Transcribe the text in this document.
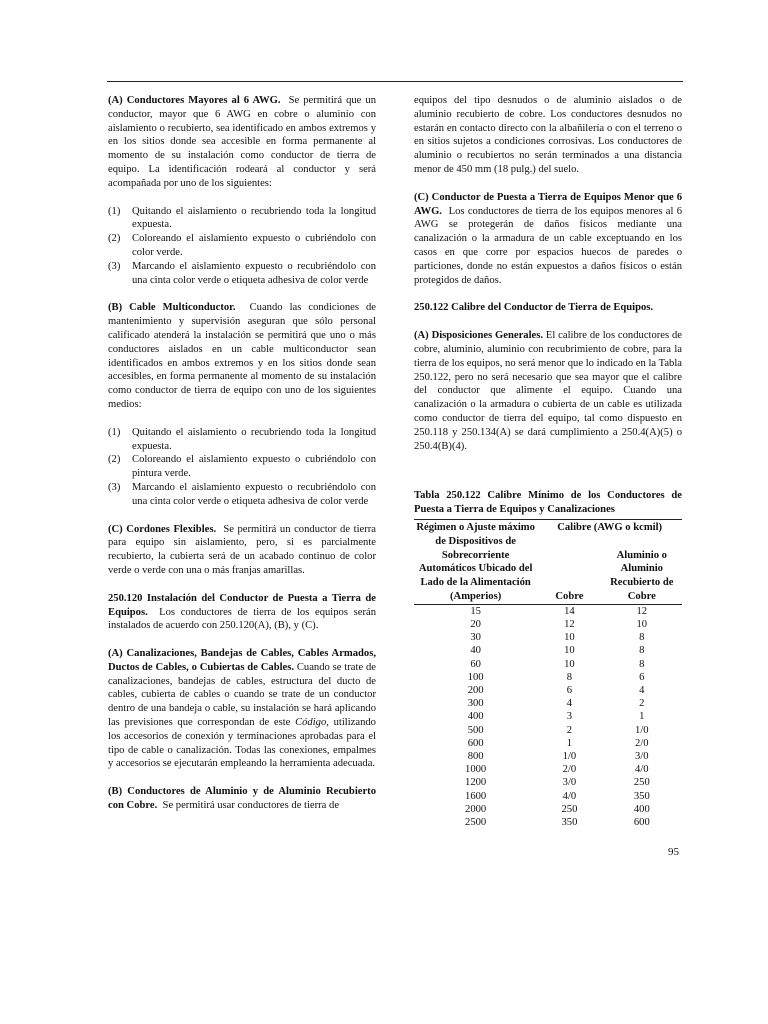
(A) Conductores Mayores al 6 AWG. Se permitirá que un conductor, mayor que 6 AWG en cobre o aluminio con aislamiento o recubierto, sea identificado en ambos extremos y en los sitios donde sea accesible en forma permanente al momento de su instalación como conductor de tierra de equipo. La identificación rodeará al conductor y será acompañada por uno de los siguientes:

(1)	Quitando el aislamiento o recubriendo toda la longitud expuesta.
(2)	Coloreando el aislamiento expuesto o cubriéndolo con color verde.
(3)	Marcando el aislamiento expuesto o recubriéndolo con una cinta color verde o etiqueta adhesiva de color verde

(B) Cable Multiconductor. Cuando las condiciones de mantenimiento y supervisión aseguran que sólo personal calificado atenderá la instalación se permitirá que uno o más conductores aislados en un cable multiconductor sean identificados en ambos extremos y en los sitios donde sean accesibles, en forma permanente al momento de su instalación como conductor de tierra de equipo con uno de los siguientes medios:

(1)	Quitando el aislamiento o recubriendo toda la longitud expuesta.
(2)	Coloreando el aislamiento expuesto o cubriéndolo con pintura verde.
(3)	Marcando el aislamiento expuesto o recubriéndolo con una cinta color verde o etiqueta adhesiva de color verde

(C) Cordones Flexibles. Se permitirá un conductor de tierra para equipo sin aislamiento, pero, si es parcialmente recubierto, la cubierta será de un acabado continuo de color verde o verde con una o más franjas amarillas.

250.120 Instalación del Conductor de Puesta a Tierra de Equipos. Los conductores de tierra de los equipos serán instalados de acuerdo con 250.120(A), (B), y (C).

(A) Canalizaciones, Bandejas de Cables, Cables Armados, Ductos de Cables, o Cubiertas de Cables. Cuando se trate de canalizaciones, bandejas de cables, estructura del ducto de cables, cubierta de cables o cuando se trate de un conductor dentro de una bandeja o cable, su instalación se hará aplicando las previsiones que correspondan de este Código, utilizando los accesorios de conexión y terminaciones aprobadas para el tipo de cable o canalización. Todas las conexiones, empalmes y accesorios se ejecutarán empleando la herramienta adecuada.

(B) Conductores de Aluminio y de Aluminio Recubierto con Cobre. Se permitirá usar conductores de tierra de

equipos del tipo desnudos o de aluminio aislados o de aluminio recubierto de cobre. Los conductores desnudos no estarán en contacto directo con la albañilería o con el terreno o en sitios sujetos a condiciones corrosivas. Los conductores de aluminio o recubiertos no serán terminados a una distancia menor de 450 mm (18 pulg.) del suelo.

(C) Conductor de Puesta a Tierra de Equipos Menor que 6 AWG. Los conductores de tierra de los equipos menores al 6 AWG se protegerán de daños físicos mediante una canalización o la armadura de un cable exceptuando en los casos en que corre por espacios huecos de paredes o particiones, donde no están expuestos a daños físicos o están protegidos de daños.

250.122 Calibre del Conductor de Tierra de Equipos.

(A) Disposiciones Generales. El calibre de los conductores de cobre, aluminio, aluminio con recubrimiento de cobre, para la tierra de los equipos, no será menor que lo indicado en la Tabla 250.122, pero no será necesario que sea mayor que el calibre del conductor que alimente el equipo. Cuando una canalización o la armadura o cubierta de un cable es utilizada como conductor de tierra del equipo, tal como dispuesto en 250.118 y 250.134(A) se dará cumplimiento a 250.4(A)(5) o 250.4(B)(4).

Tabla 250.122 Calibre Mínimo de los Conductores de Puesta a Tierra de Equipos y Canalizaciones

Régimen o Ajuste máximo de Dispositivos de Sobrecorriente Automáticos Ubicado del Lado de la Alimentación (Amperios)	Calibre (AWG o kcmil)	
	Cobre	Aluminio o Aluminio Recubierto de Cobre
15	14	12
20	12	10
30	10	8
40	10	8
60	10	8
100	8	6
200	6	4
300	4	2
400	3	1
500	2	1/0
600	1	2/0
800	1/0	3/0
1000	2/0	4/0
1200	3/0	250
1600	4/0	350
2000	250	400
2500	350	600
95
